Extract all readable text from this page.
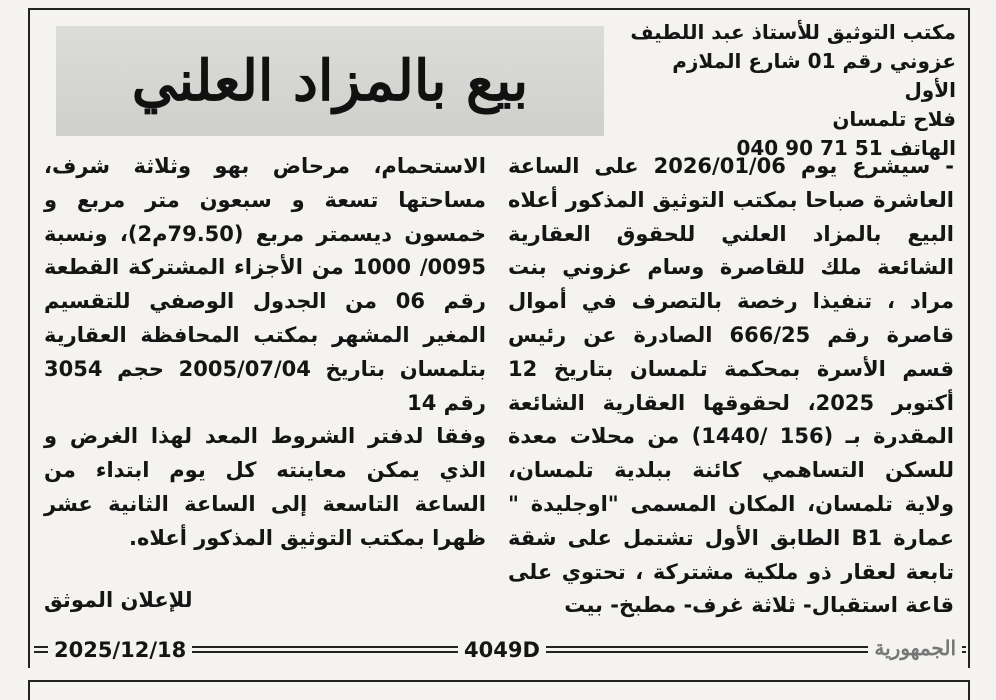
مكتب التوثيق للأستاذ عبد اللطيف
عزوني رقم 01 شارع الملازم الأول
فلاح تلمسان
الهاتف 51 71 90 040
بيع بالمزاد العلني

- سيشرع يوم 2026/01/06 على الساعة العاشرة صباحا بمكتب التوثيق المذكور أعلاه البيع بالمزاد العلني للحقوق العقارية الشائعة ملك للقاصرة وسام عزوني بنت مراد ، تنفيذا رخصة بالتصرف في أموال قاصرة رقم 666/25 الصادرة عن رئيس قسم الأسرة بمحكمة تلمسان بتاريخ 12 أكتوبر 2025، لحقوقها العقارية الشائعة المقدرة بـ (156 /1440) من محلات معدة للسكن التساهمي كائنة ببلدية تلمسان، ولاية تلمسان، المكان المسمى "اوجليدة " عمارة B1 الطابق الأول تشتمل على شقة تابعة لعقار ذو ملكية مشتركة ، تحتوي على قاعة استقبال- ثلاثة غرف- مطبخ- بيت

الاستحمام، مرحاض بهو وثلاثة شرف، مساحتها تسعة و سبعون متر مربع و خمسون ديسمتر مربع (79.50م2)، ونسبة 0095/ 1000 من الأجزاء المشتركة القطعة رقم 06 من الجدول الوصفي للتقسيم المغير المشهر بمكتب المحافظة العقارية بتلمسان بتاريخ 2005/07/04 حجم 3054 رقم 14

وفقا لدفتر الشروط المعد لهذا الغرض و الذي يمكن معاينته كل يوم ابتداء من الساعة التاسعة إلى الساعة الثانية عشر ظهرا بمكتب التوثيق المذكور أعلاه.

للإعلان الموثق
2025/12/18	4049D	الجمهورية
